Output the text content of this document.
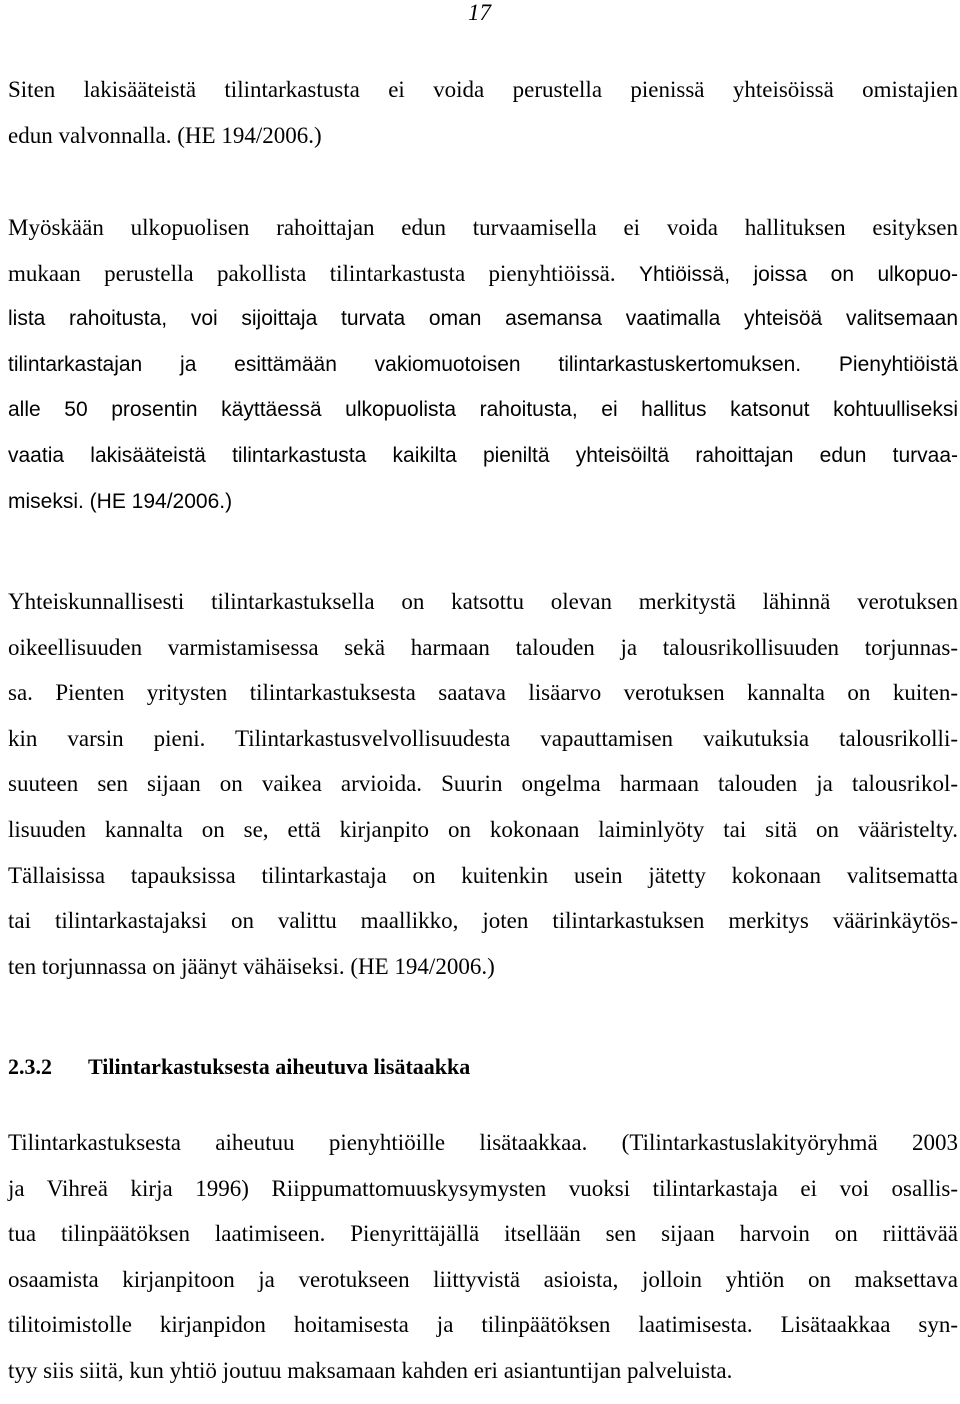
17
Siten lakisääteistä tilintarkastusta ei voida perustella pienissä yhteisöissä omistajien
edun valvonnalla. (HE 194/2006.)
Myöskään ulkopuolisen rahoittajan edun turvaamisella ei voida hallituksen esityksen
mukaan perustella pakollista tilintarkastusta pienyhtiöissä. Yhtiöissä, joissa on ulkopuo-
lista rahoitusta, voi sijoittaja turvata oman asemansa vaatimalla yhteisöä valitsemaan
tilintarkastajan ja esittämään vakiomuotoisen tilintarkastuskertomuksen. Pienyhtiöistä
alle 50 prosentin käyttäessä ulkopuolista rahoitusta, ei hallitus katsonut kohtuulliseksi
vaatia lakisääteistä tilintarkastusta kaikilta pieniltä yhteisöiltä rahoittajan edun turvaa-
miseksi. (HE 194/2006.)
Yhteiskunnallisesti tilintarkastuksella on katsottu olevan merkitystä lähinnä verotuksen
oikeellisuuden varmistamisessa sekä harmaan talouden ja talousrikollisuuden torjunnas-
sa. Pienten yritysten tilintarkastuksesta saatava lisäarvo verotuksen kannalta on kuiten-
kin varsin pieni. Tilintarkastusvelvollisuudesta vapauttamisen vaikutuksia talousrikolli-
suuteen sen sijaan on vaikea arvioida. Suurin ongelma harmaan talouden ja talousrikol-
lisuuden kannalta on se, että kirjanpito on kokonaan laiminlyöty tai sitä on vääristelty.
Tällaisissa tapauksissa tilintarkastaja on kuitenkin usein jätetty kokonaan valitsematta
tai tilintarkastajaksi on valittu maallikko, joten tilintarkastuksen merkitys väärinkäytös-
ten torjunnassa on jäänyt vähäiseksi. (HE 194/2006.)
2.3.2 Tilintarkastuksesta aiheutuva lisätaakka
Tilintarkastuksesta aiheutuu pienyhtiöille lisätaakkaa. (Tilintarkastuslakityöryhmä 2003
ja Vihreä kirja 1996) Riippumattomuuskysymysten vuoksi tilintarkastaja ei voi osallis-
tua tilinpäätöksen laatimiseen. Pienyrittäjällä itsellään sen sijaan harvoin on riittävää
osaamista kirjanpitoon ja verotukseen liittyvistä asioista, jolloin yhtiön on maksettava
tilitoimistolle kirjanpidon hoitamisesta ja tilinpäätöksen laatimisesta. Lisätaakkaa syn-
tyy siis siitä, kun yhtiö joutuu maksamaan kahden eri asiantuntijan palveluista.
